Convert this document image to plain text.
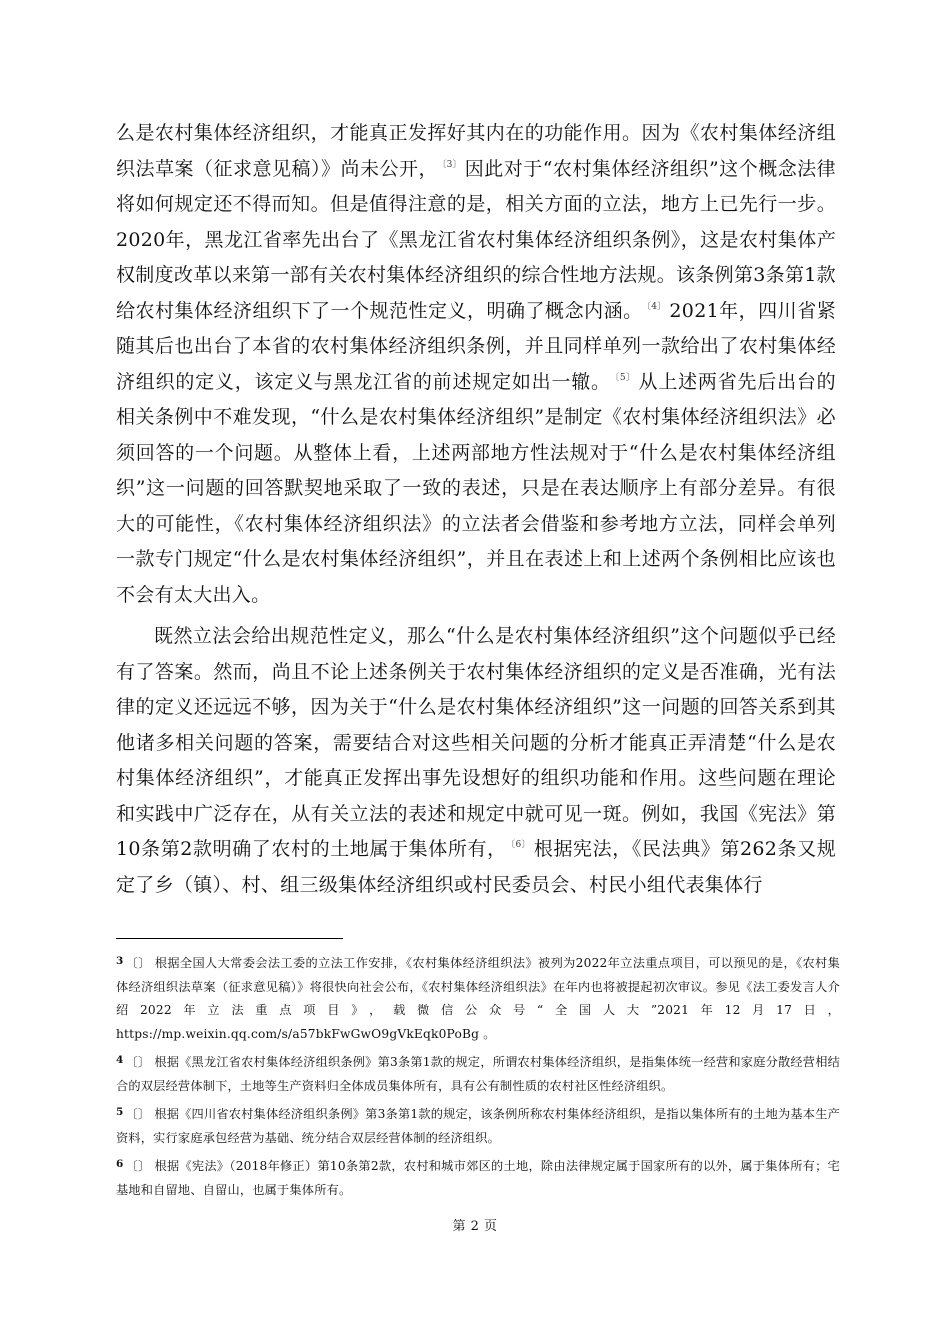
么是农村集体经济组织，才能真正发挥好其内在的功能作用。因为《农村集体经济组织法草案（征求意见稿）》尚未公开， $^{〔3〕}$ 因此对于“农村集体经济组织”这个概念法律将如何规定还不得而知。但是值得注意的是，相关方面的立法，地方上已先行一步。2020年，黑龙江省率先出台了《黑龙江省农村集体经济组织条例》，这是农村集体产权制度改革以来第一部有关农村集体经济组织的综合性地方法规。该条例第3条第1款给农村集体经济组织下了一个规范性定义，明确了概念内涵。 $^{〔4〕}$ 2021年，四川省紧随其后也出台了本省的农村集体经济组织条例，并且同样单列一款给出了农村集体经济组织的定义，该定义与黑龙江省的前述规定如出一辙。 $^{〔5〕}$ 从上述两省先后出台的相关条例中不难发现，“什么是农村集体经济组织”是制定《农村集体经济组织法》必须回答的一个问题。从整体上看，上述两部地方性法规对于“什么是农村集体经济组织”这一问题的回答默契地采取了一致的表述，只是在表达顺序上有部分差异。有很大的可能性，《农村集体经济组织法》的立法者会借鉴和参考地方立法，同样会单列一款专门规定“什么是农村集体经济组织”，并且在表述上和上述两个条例相比应该也不会有太大出入。

既然立法会给出规范性定义，那么“什么是农村集体经济组织”这个问题似乎已经有了答案。然而，尚且不论上述条例关于农村集体经济组织的定义是否准确，光有法律的定义还远远不够，因为关于“什么是农村集体经济组织”这一问题的回答关系到其他诸多相关问题的答案，需要结合对这些相关问题的分析才能真正弄清楚“什么是农村集体经济组织”，才能真正发挥出事先设想好的组织功能和作用。这些问题在理论和实践中广泛存在，从有关立法的表述和规定中就可见一斑。例如，我国《宪法》第10条第2款明确了农村的土地属于集体所有， $^{〔6〕}$ 根据宪法，《民法典》第262条又规定了乡（镇）、村、组三级集体经济组织或村民委员会、村民小组代表集体行

3 〔〕 根据全国人大常委会法工委的立法工作安排，《农村集体经济组织法》被列为2022年立法重点项目，可以预见的是，《农村集体经济组织法草案（征求意见稿）》将很快向社会公布，《农村集体经济组织法》在年内也将被提起初次审议。参见《法工委发言人介绍2022年立法重点项目》，载微信公众号“全国人大”2021年12月17日，https://mp.weixin.qq.com/s/a57bkFwGwO9gVkEqk0PoBg 。

4 〔〕 根据《黑龙江省农村集体经济组织条例》第3条第1款的规定，所谓农村集体经济组织，是指集体统一经营和家庭分散经营相结合的双层经营体制下，土地等生产资料归全体成员集体所有，具有公有制性质的农村社区性经济组织。

5 〔〕 根据《四川省农村集体经济组织条例》第3条第1款的规定，该条例所称农村集体经济组织，是指以集体所有的土地为基本生产资料，实行家庭承包经营为基础、统分结合双层经营体制的经济组织。

6 〔〕 根据《宪法》（2018年修正）第10条第2款，农村和城市郊区的土地，除由法律规定属于国家所有的以外，属于集体所有；宅基地和自留地、自留山，也属于集体所有。

第 2 页
